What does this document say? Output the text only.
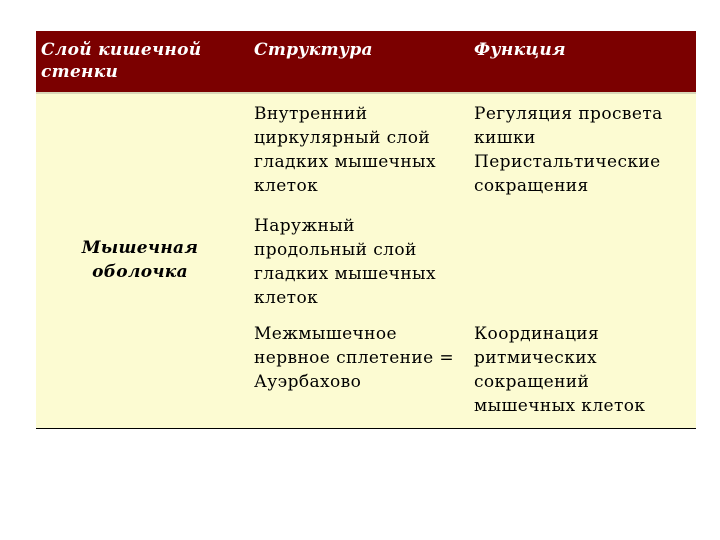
Слой кишечной стенки
Структура	Функция
Мышечная оболочка
Внутренний циркулярный слой гладких мышечных клеток
Регуляция просвета кишки Перистальтические сокращения
Наружный продольный слой гладких мышечных клеток
Межмышечное нервное сплетение = Ауэрбахово
Координация ритмических сокращений мышечных клеток
